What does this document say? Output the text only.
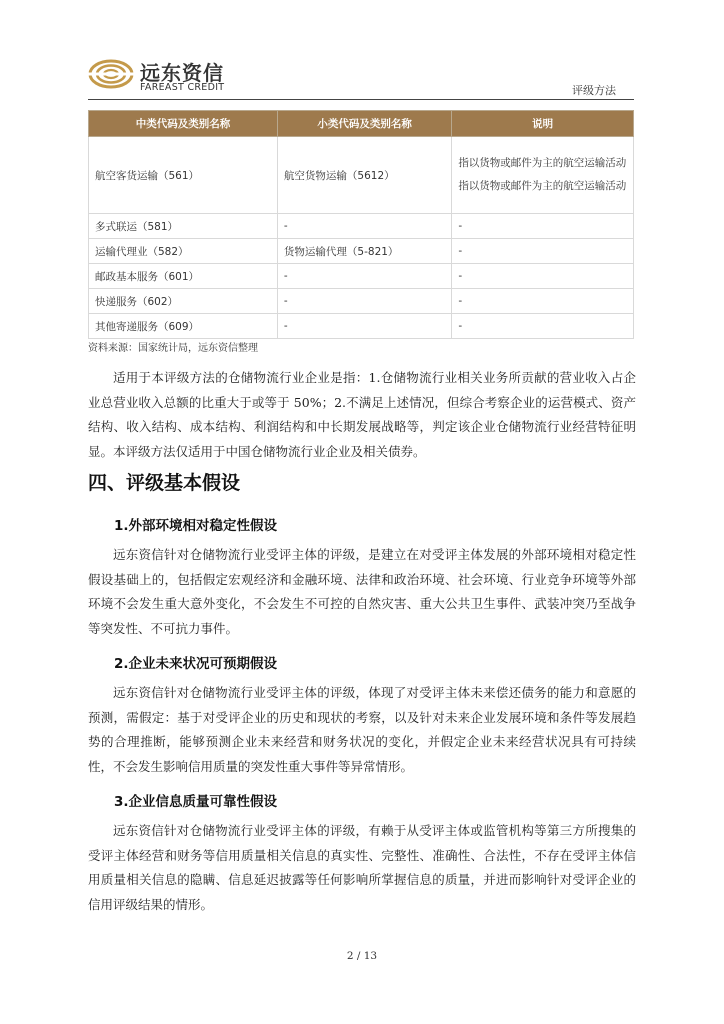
远东资信
FAREAST CREDIT	评级方法
中类代码及类别名称	小类代码及类别名称	说明
航空客货运输（561）	航空货物运输（5612）	指以货物或邮件为主的航空运输活动 指以货物或邮件为主的航空运输活动
多式联运（581）	-	-
运输代理业（582）	货物运输代理（5-821）	-
邮政基本服务（601）	-	-
快递服务（602）	-	-
其他寄递服务（609）	-	-
资料来源：国家统计局，远东资信整理

适用于本评级方法的仓储物流行业企业是指：1.仓储物流行业相关业务所贡献的营业收入占企业总营业收入总额的比重大于或等于 50%；2.不满足上述情况，但综合考察企业的运营模式、资产结构、收入结构、成本结构、利润结构和中长期发展战略等，判定该企业仓储物流行业经营特征明显。本评级方法仅适用于中国仓储物流行业企业及相关债券。

四、评级基本假设
1.外部环境相对稳定性假设

远东资信针对仓储物流行业受评主体的评级，是建立在对受评主体发展的外部环境相对稳定性假设基础上的，包括假定宏观经济和金融环境、法律和政治环境、社会环境、行业竞争环境等外部环境不会发生重大意外变化，不会发生不可控的自然灾害、重大公共卫生事件、武装冲突乃至战争等突发性、不可抗力事件。

2.企业未来状况可预期假设

远东资信针对仓储物流行业受评主体的评级，体现了对受评主体未来偿还债务的能力和意愿的预测，需假定：基于对受评企业的历史和现状的考察，以及针对未来企业发展环境和条件等发展趋势的合理推断，能够预测企业未来经营和财务状况的变化，并假定企业未来经营状况具有可持续性，不会发生影响信用质量的突发性重大事件等异常情形。

3.企业信息质量可靠性假设

远东资信针对仓储物流行业受评主体的评级，有赖于从受评主体或监管机构等第三方所搜集的受评主体经营和财务等信用质量相关信息的真实性、完整性、准确性、合法性，不存在受评主体信用质量相关信息的隐瞒、信息延迟披露等任何影响所掌握信息的质量，并进而影响针对受评企业的信用评级结果的情形。

2 / 13
